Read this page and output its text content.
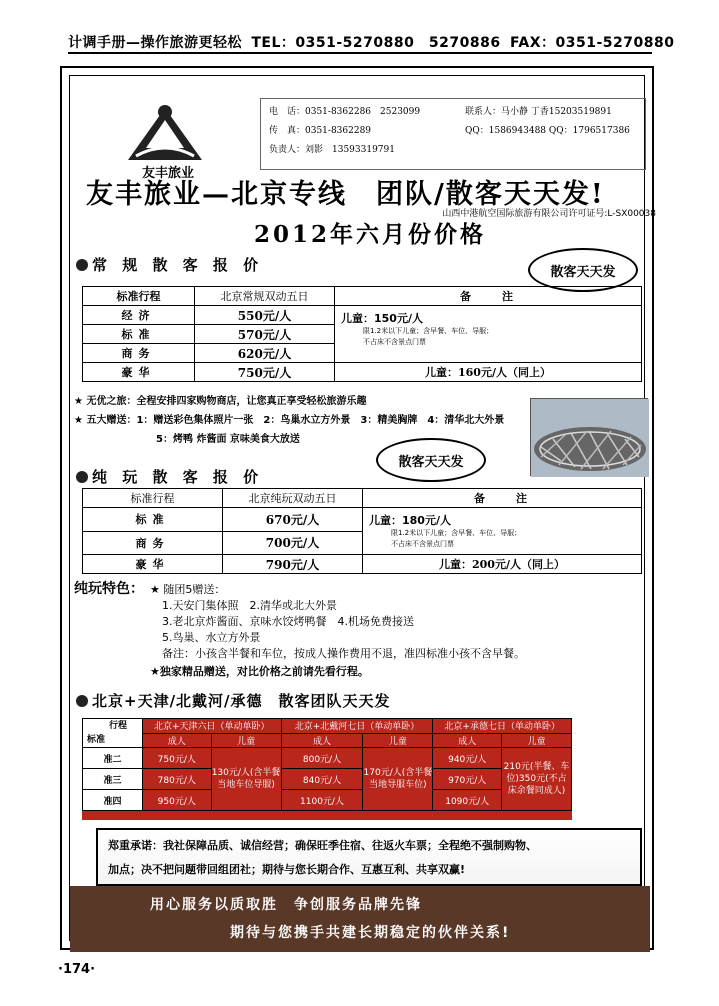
计调手册—操作旅游更轻松 TEL：0351-5270880　5270886 FAX：0351-5270880
友丰旅业
电　话：0351-8362286　2523099	联系人：马小静 丁香15203519891
传　真：0351-8362289	QQ：1586943488 QQ：1796517386
负责人：刘影　13593319791
友丰旅业—北京专线　团队/散客天天发!
山西中港航空国际旅游有限公司许可证号:L-SX00038
2012年六月份价格
常 规 散 客 报 价	散客天天发
标准行程	北京常规双动五日	备　　注
经济	550元/人	儿童：150元/人
限1.2米以下儿童；含早餐、车位、导服；
不占床不含景点门票

标准	570元/人	
商务	620元/人	
豪华	750元/人	儿童：160元/人（同上）
★ 无优之旅：全程安排四家购物商店，让您真正享受轻松旅游乐趣
★ 五大赠送：1：赠送彩色集体照片一张　2：鸟巢水立方外景　3：精美胸牌　4：清华北大外景
5：烤鸭 炸酱面 京味美食大放送
纯 玩 散 客 报 价
散客天天发
标准行程	北京纯玩双动五日	备　　注
标准	670元/人	儿童：180元/人
限1.2米以下儿童；含早餐、车位、导服；
不占床不含景点门票

商务	700元/人	
豪华	790元/人	儿童：200元/人（同上）
纯玩特色： ★ 随团5赠送：
1.天安门集体照　2.清华或北大外景
3.老北京炸酱面、京味水饺烤鸭餐　4.机场免费接送
5.鸟巢、水立方外景
备注：小孩含半餐和车位，按成人操作费用不退，准四标准小孩不含早餐。
★独家精品赠送，对比价格之前请先看行程。
北京+天津/北戴河/承德　散客团队天天发
行程
标准	北京+天津六日（单动单卧）		北京+北戴河七日（单动单卧）		北京+承德七日（单动单卧）	
	成人	儿童	成人	儿童	成人	儿童
准二	750元/人	130元/人(含半餐当地车位导服)	800元/人	170元/人(含半餐当地导服车位)	940元/人	210元(半餐、车位)350元(不占床余餐同成人)
准三	780元/人		840元/人		970元/人	
准四	950元/人		1100元/人		1090元/人	
郑重承诺：我社保障品质、诚信经营；确保旺季住宿、往返火车票；全程绝不强制购物、
加点；决不把问题带回组团社；期待与您长期合作、互惠互利、共享双赢!
用心服务以质取胜　争创服务品牌先锋
期待与您携手共建长期稳定的伙伴关系!
·174·
